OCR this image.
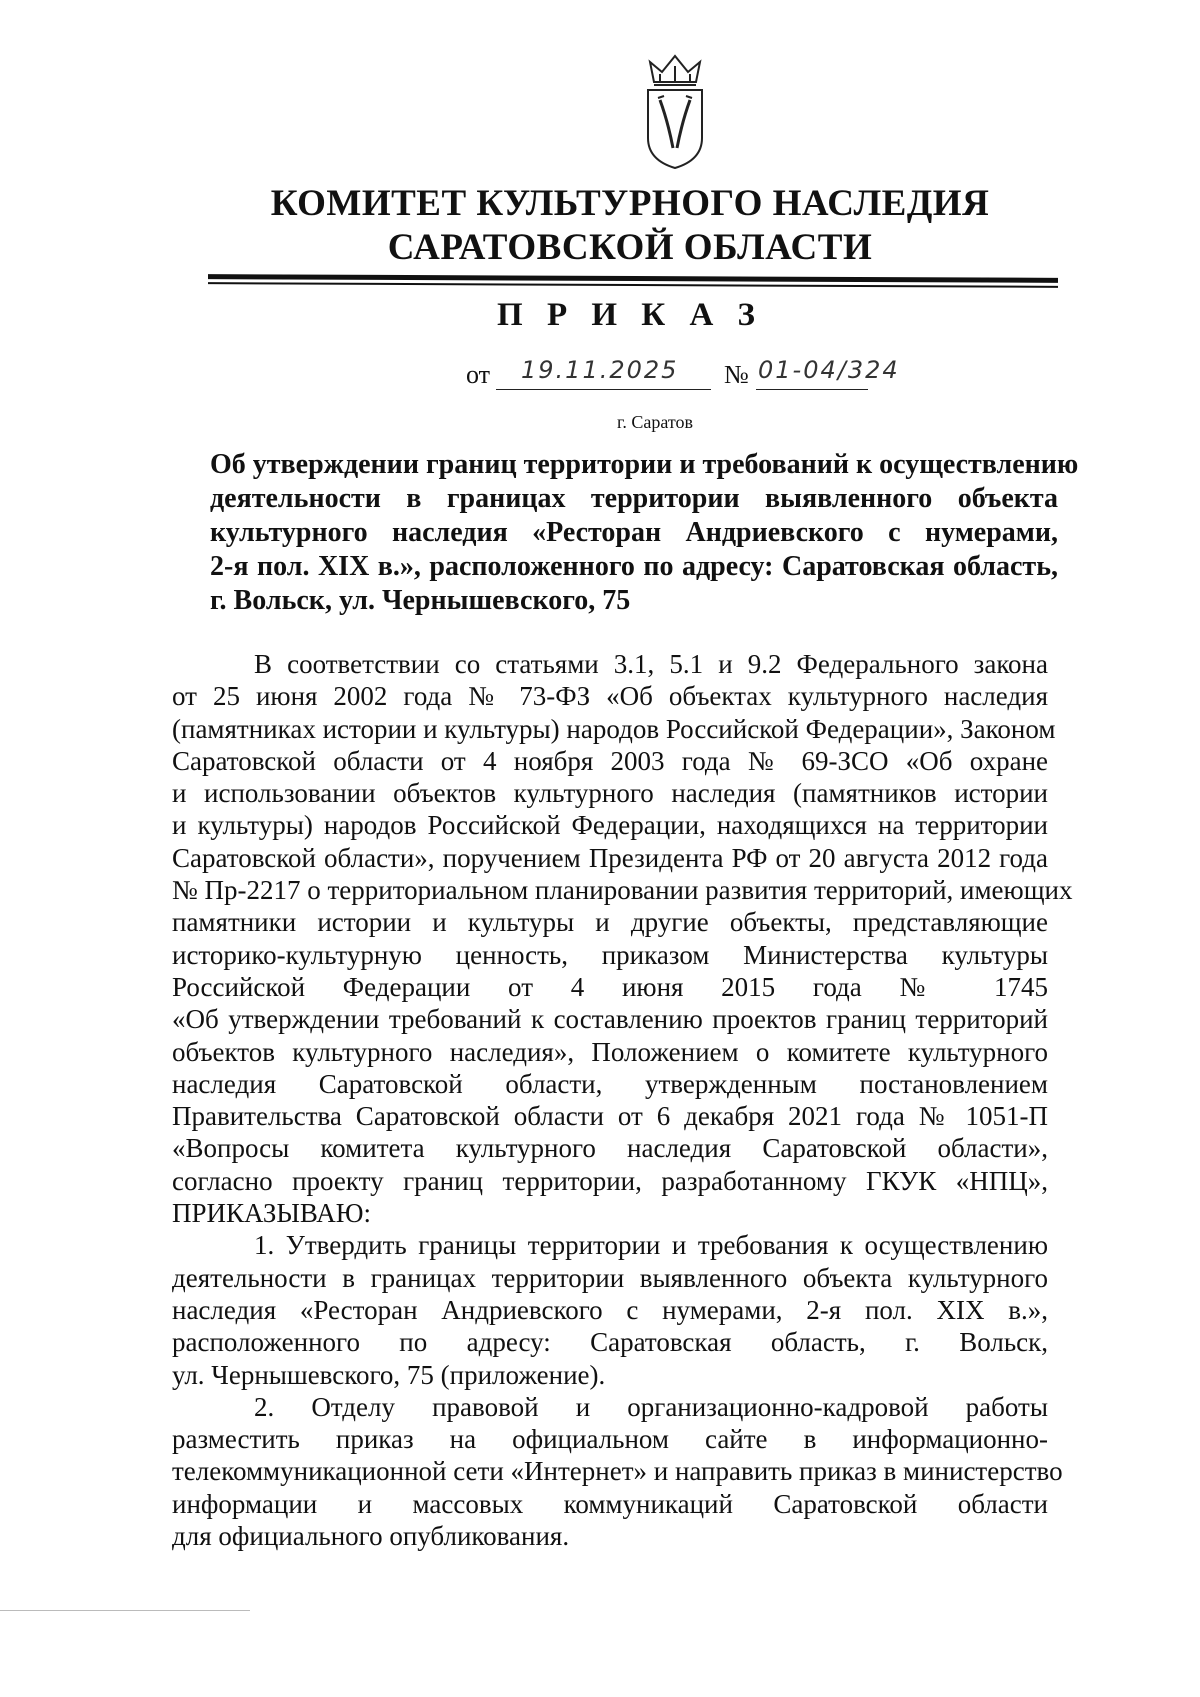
КОМИТЕТ КУЛЬТУРНОГО НАСЛЕДИЯ
САРАТОВСКОЙ ОБЛАСТИ
П Р И К А З
от 19.11.2025 № 01-04/324
г. Саратов
Об утверждении границ территории и требований к осуществлению
деятельности в границах территории выявленного объекта
культурного наследия «Ресторан Андриевского с нумерами,
2-я пол. XIX в.», расположенного по адресу: Саратовская область,
г. Вольск, ул. Чернышевского, 75
В соответствии со статьями 3.1, 5.1 и 9.2 Федерального закона
от 25 июня 2002 года № 73-ФЗ «Об объектах культурного наследия
(памятниках истории и культуры) народов Российской Федерации», Законом
Саратовской области от 4 ноября 2003 года № 69-ЗСО «Об охране
и использовании объектов культурного наследия (памятников истории
и культуры) народов Российской Федерации, находящихся на территории
Саратовской области», поручением Президента РФ от 20 августа 2012 года
№ Пр-2217 о территориальном планировании развития территорий, имеющих
памятники истории и культуры и другие объекты, представляющие
историко-культурную ценность, приказом Министерства культуры
Российской Федерации от 4 июня 2015 года № 1745
«Об утверждении требований к составлению проектов границ территорий
объектов культурного наследия», Положением о комитете культурного
наследия Саратовской области, утвержденным постановлением
Правительства Саратовской области от 6 декабря 2021 года № 1051-П
«Вопросы комитета культурного наследия Саратовской области»,
согласно проекту границ территории, разработанному ГКУК «НПЦ»,
ПРИКАЗЫВАЮ:
1. Утвердить границы территории и требования к осуществлению
деятельности в границах территории выявленного объекта культурного
наследия «Ресторан Андриевского с нумерами, 2-я пол. XIX в.»,
расположенного по адресу: Саратовская область, г. Вольск,
ул. Чернышевского, 75 (приложение).
2. Отделу правовой и организационно-кадровой работы
разместить приказ на официальном сайте в информационно-
телекоммуникационной сети «Интернет» и направить приказ в министерство
информации и массовых коммуникаций Саратовской области
для официального опубликования.
